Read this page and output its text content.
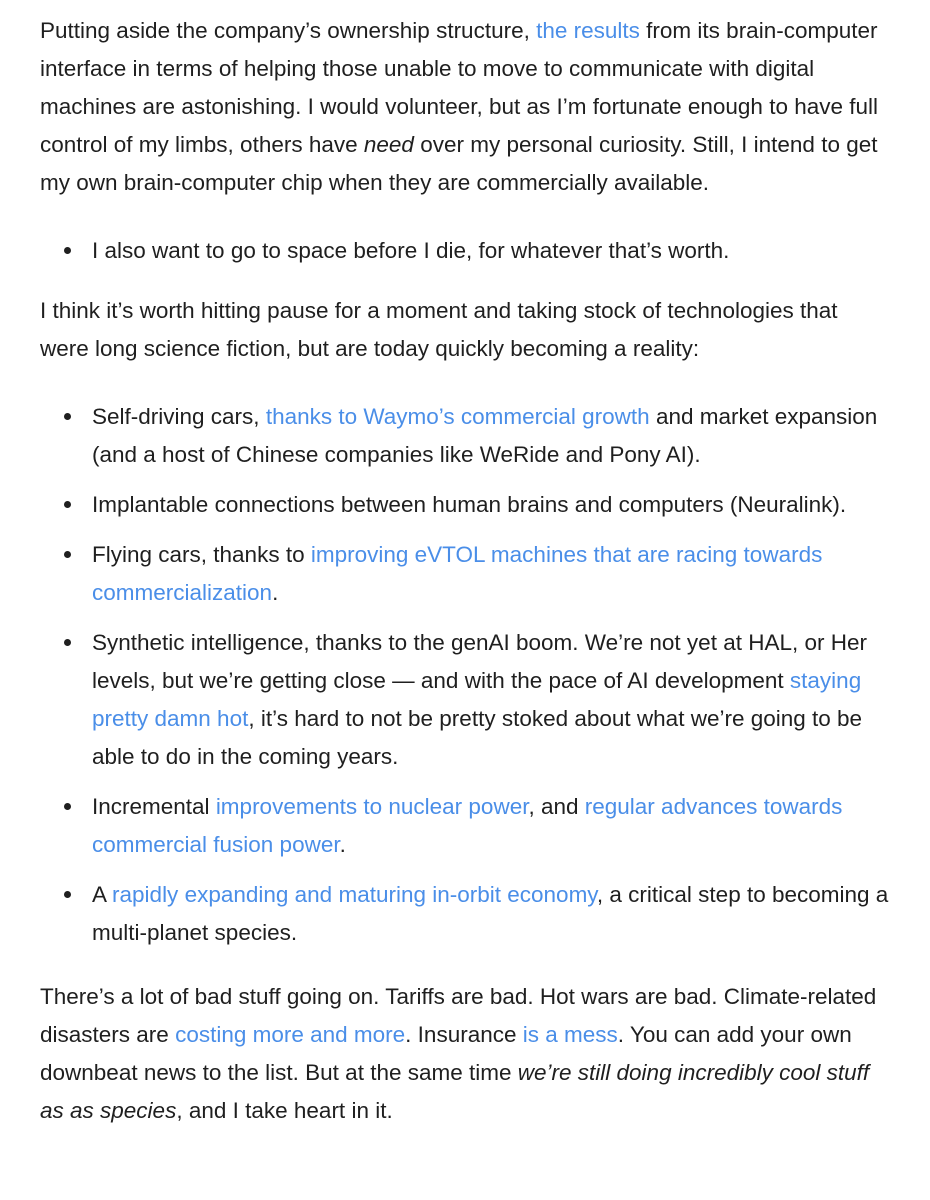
Putting aside the company’s ownership structure, the results from its brain-computer interface in terms of helping those unable to move to communicate with digital machines are astonishing. I would volunteer, but as I’m fortunate enough to have full control of my limbs, others have need over my personal curiosity. Still, I intend to get my own brain-computer chip when they are commercially available.

I also want to go to space before I die, for whatever that’s worth.

I think it’s worth hitting pause for a moment and taking stock of technologies that were long science fiction, but are today quickly becoming a reality:

Self-driving cars, thanks to Waymo’s commercial growth and market expansion (and a host of Chinese companies like WeRide and Pony AI).
Implantable connections between human brains and computers (Neuralink).
Flying cars, thanks to improving eVTOL machines that are racing towards commercialization.
Synthetic intelligence, thanks to the genAI boom. We’re not yet at HAL, or Her levels, but we’re getting close — and with the pace of AI development staying pretty damn hot, it’s hard to not be pretty stoked about what we’re going to be able to do in the coming years.
Incremental improvements to nuclear power, and regular advances towards commercial fusion power.
A rapidly expanding and maturing in-orbit economy, a critical step to becoming a multi-planet species.

There’s a lot of bad stuff going on. Tariffs are bad. Hot wars are bad. Climate-related disasters are costing more and more. Insurance is a mess. You can add your own downbeat news to the list. But at the same time we’re still doing incredibly cool stuff as as species, and I take heart in it.
